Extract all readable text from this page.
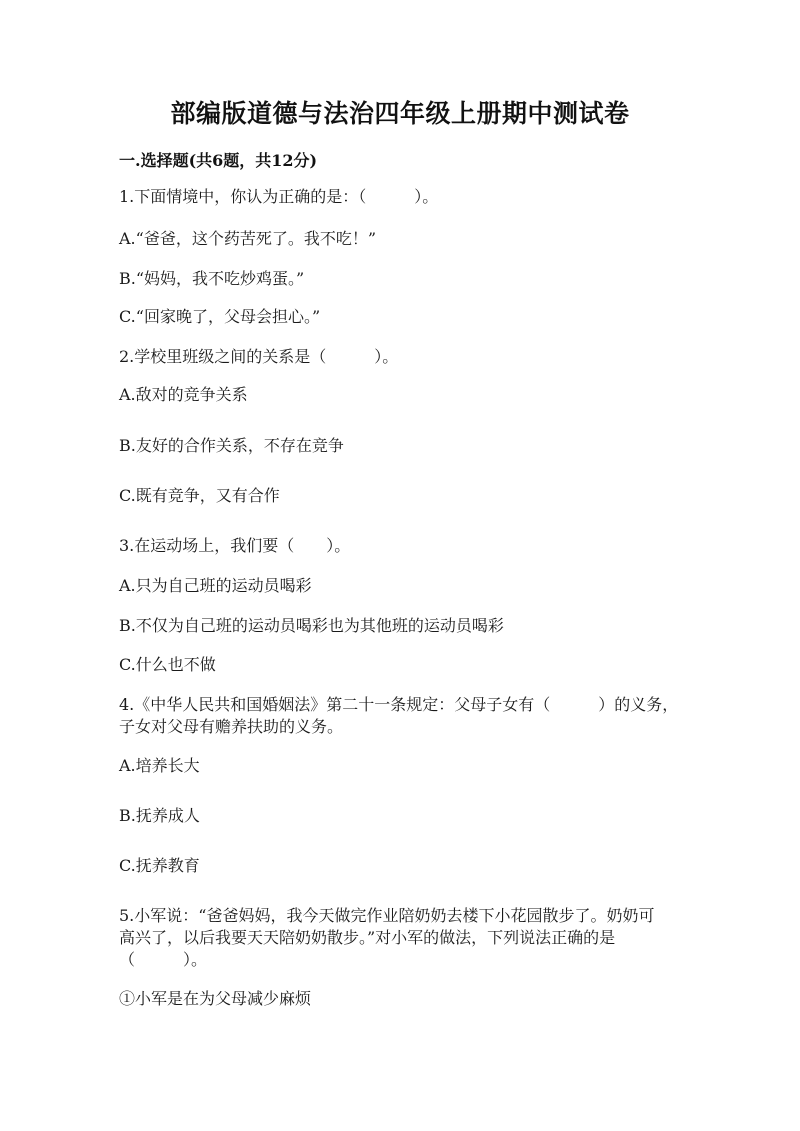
部编版道德与法治四年级上册期中测试卷
一.选择题(共6题，共12分)
1.下面情境中，你认为正确的是：（　　　）。
A.“爸爸，这个药苦死了。我不吃！”
B.“妈妈，我不吃炒鸡蛋。”
C.“回家晚了，父母会担心。”
2.学校里班级之间的关系是（　　　）。
A.敌对的竞争关系
B.友好的合作关系，不存在竞争
C.既有竞争，又有合作
3.在运动场上，我们要（　　）。
A.只为自己班的运动员喝彩
B.不仅为自己班的运动员喝彩也为其他班的运动员喝彩
C.什么也不做
4.《中华人民共和国婚姻法》第二十一条规定：父母子女有（　　　）的义务，
子女对父母有赡养扶助的义务。
A.培养长大
B.抚养成人
C.抚养教育
5.小军说：“爸爸妈妈，我今天做完作业陪奶奶去楼下小花园散步了。奶奶可
高兴了，以后我要天天陪奶奶散步。”对小军的做法，下列说法正确的是
（　　　）。
①小军是在为父母减少麻烦
